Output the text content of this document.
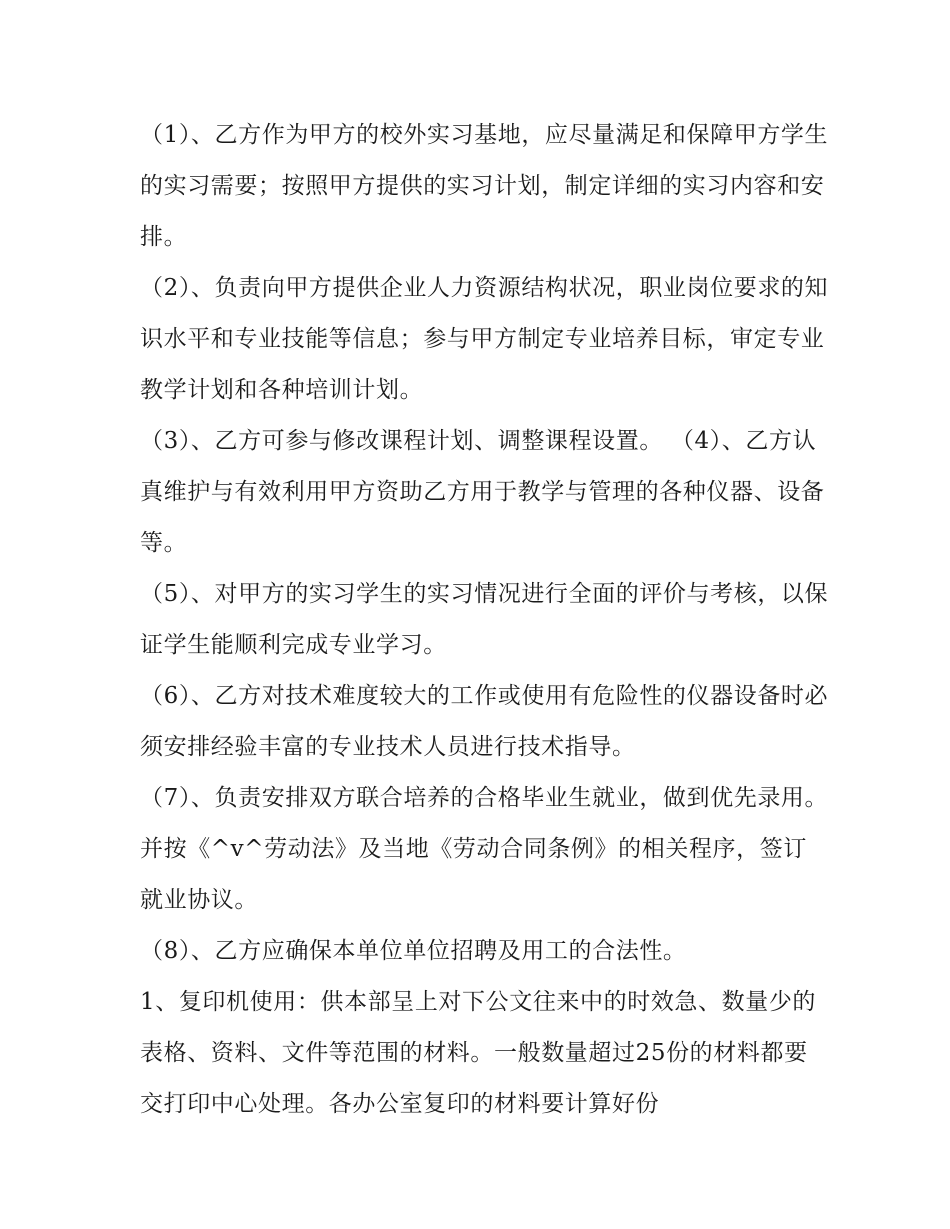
（1）、乙方作为甲方的校外实习基地，应尽量满足和保障甲方学生的实习需要；按照甲方提供的实习计划，制定详细的实习内容和安排。

（2）、负责向甲方提供企业人力资源结构状况，职业岗位要求的知识水平和专业技能等信息；参与甲方制定专业培养目标，审定专业教学计划和各种培训计划。

（3）、乙方可参与修改课程计划、调整课程设置。 （4）、乙方认真维护与有效利用甲方资助乙方用于教学与管理的各种仪器、设备等。

（5）、对甲方的实习学生的实习情况进行全面的评价与考核，以保证学生能顺利完成专业学习。

（6）、乙方对技术难度较大的工作或使用有危险性的仪器设备时必须安排经验丰富的专业技术人员进行技术指导。

（7）、负责安排双方联合培养的合格毕业生就业，做到优先录用。并按《^v^劳动法》及当地《劳动合同条例》的相关程序，签订就业协议。

（8）、乙方应确保本单位单位招聘及用工的合法性。

1、复印机使用：供本部呈上对下公文往来中的时效急、数量少的表格、资料、文件等范围的材料。一般数量超过25份的材料都要交打印中心处理。各办公室复印的材料要计算好份
